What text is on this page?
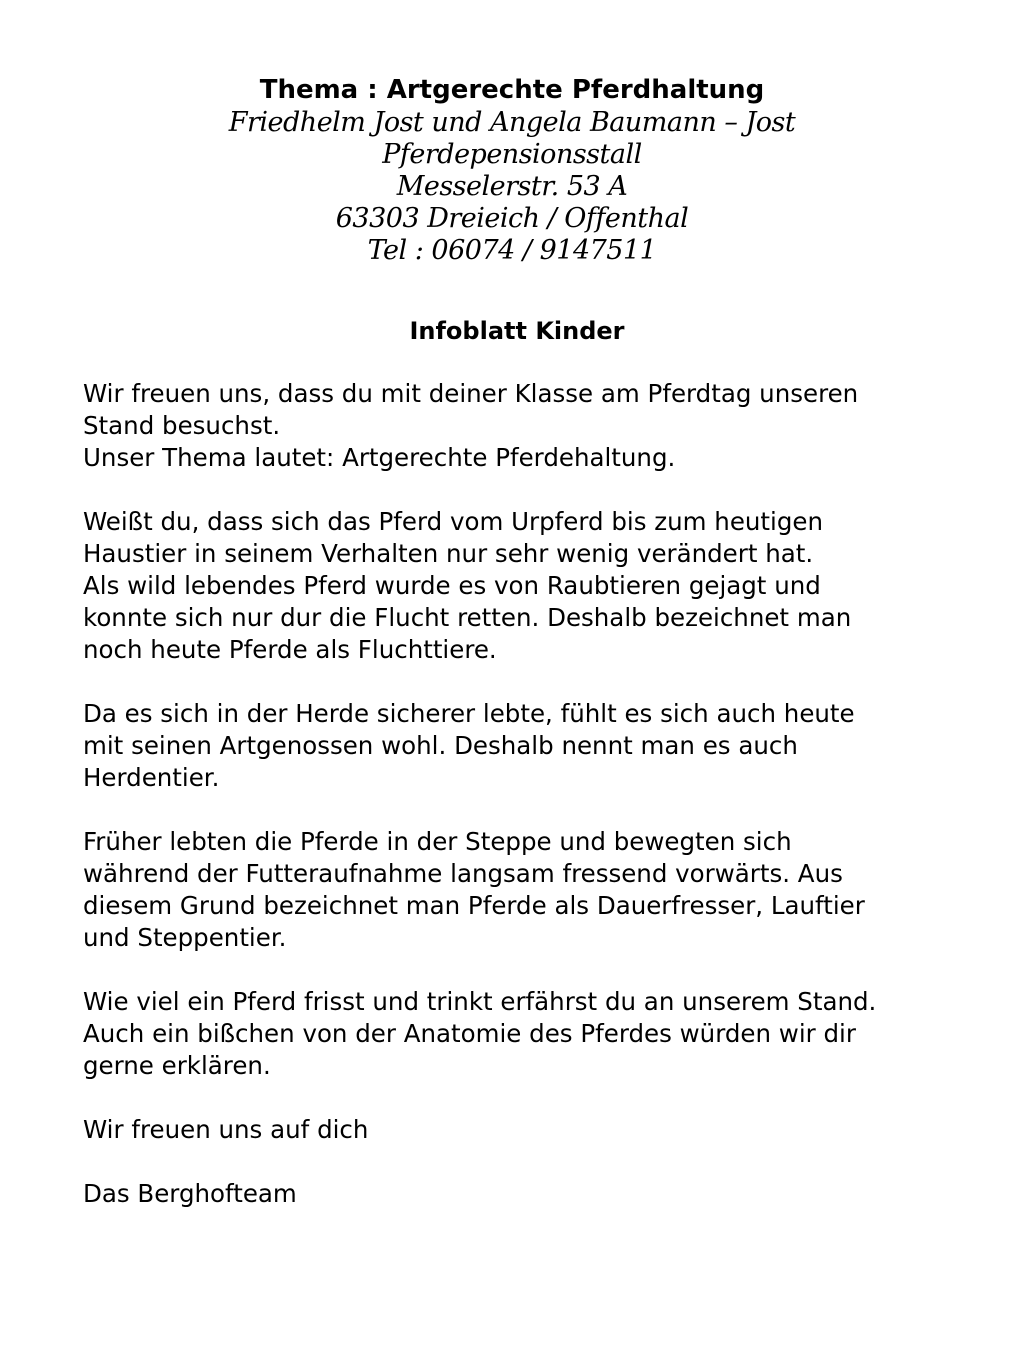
Thema : Artgerechte Pferdhaltung

Friedhelm Jost und Angela Baumann – Jost

Pferdepensionsstall

Messelerstr. 53 A

63303 Dreieich / Offenthal

Tel : 06074 / 9147511

Infoblatt Kinder

Wir freuen uns, dass du mit deiner Klasse am Pferdtag unseren
Stand besuchst.
Unser Thema lautet: Artgerechte Pferdehaltung.

Weißt du, dass sich das Pferd vom Urpferd bis zum heutigen
Haustier in seinem Verhalten nur sehr wenig verändert hat.
Als wild lebendes Pferd wurde es von Raubtieren gejagt und
konnte sich nur dur die Flucht retten. Deshalb bezeichnet man
noch heute Pferde als Fluchttiere.

Da es sich in der Herde sicherer lebte, fühlt es sich auch heute
mit seinen Artgenossen wohl. Deshalb nennt man es auch
Herdentier.

Früher lebten die Pferde in der Steppe und bewegten sich
während der Futteraufnahme langsam fressend vorwärts. Aus
diesem Grund bezeichnet man Pferde als Dauerfresser, Lauftier
und Steppentier.

Wie viel ein Pferd frisst und trinkt erfährst du an unserem Stand.
Auch ein bißchen von der Anatomie des Pferdes würden wir dir
gerne erklären.

Wir freuen uns auf dich

Das Berghofteam
